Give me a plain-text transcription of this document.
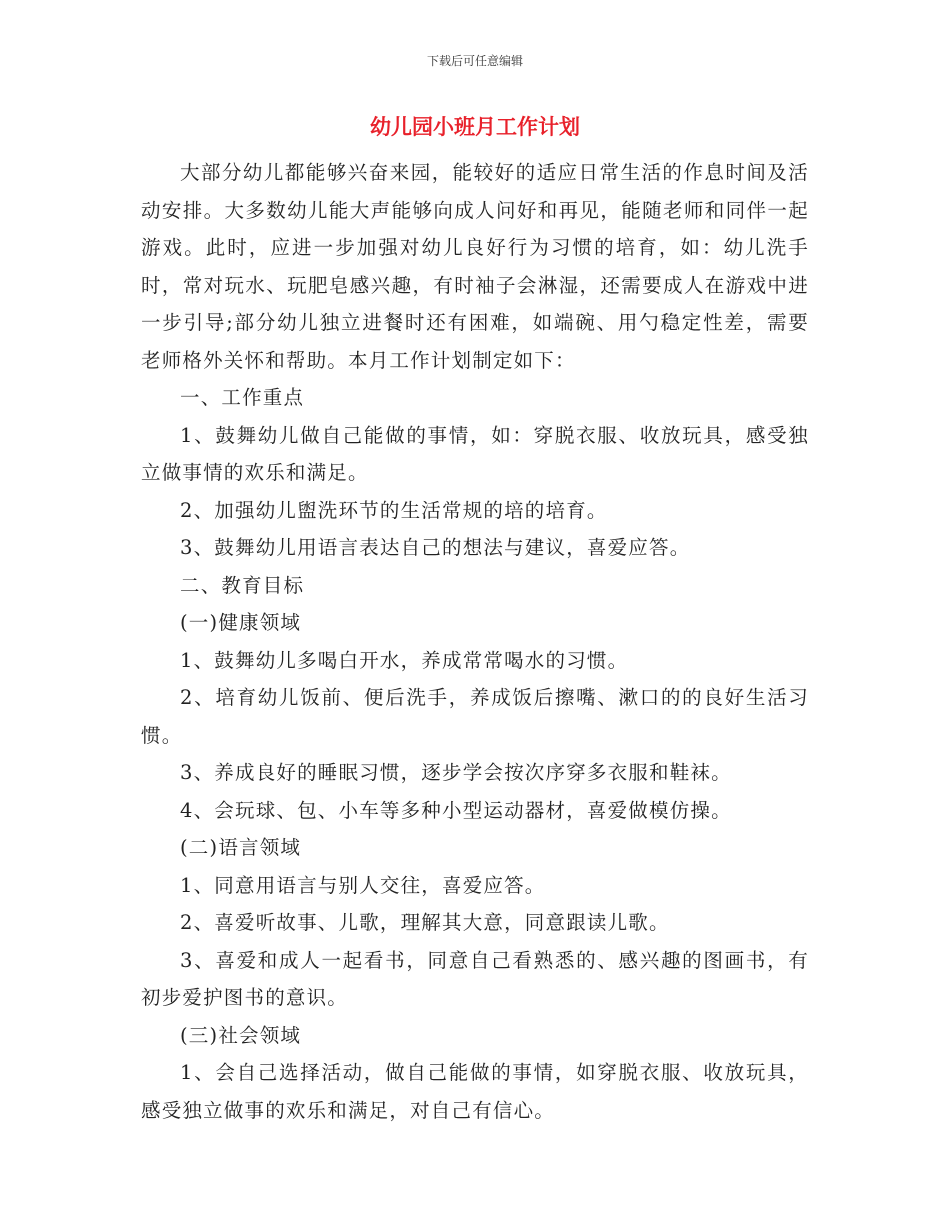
下载后可任意编辑
幼儿园小班月工作计划

大部分幼儿都能够兴奋来园，能较好的适应日常生活的作息时间及活动安排。大多数幼儿能大声能够向成人问好和再见，能随老师和同伴一起游戏。此时，应进一步加强对幼儿良好行为习惯的培育，如：幼儿洗手时，常对玩水、玩肥皂感兴趣，有时袖子会淋湿，还需要成人在游戏中进一步引导;部分幼儿独立进餐时还有困难，如端碗、用勺稳定性差，需要老师格外关怀和帮助。本月工作计划制定如下：

一、工作重点

1、鼓舞幼儿做自己能做的事情，如：穿脱衣服、收放玩具，感受独立做事情的欢乐和满足。

2、加强幼儿盥洗环节的生活常规的培的培育。

3、鼓舞幼儿用语言表达自己的想法与建议，喜爱应答。

二、教育目标

(一)健康领域

1、鼓舞幼儿多喝白开水，养成常常喝水的习惯。

2、培育幼儿饭前、便后洗手，养成饭后擦嘴、漱口的的良好生活习惯。

3、养成良好的睡眠习惯，逐步学会按次序穿多衣服和鞋袜。

4、会玩球、包、小车等多种小型运动器材，喜爱做模仿操。

(二)语言领域

1、同意用语言与别人交往，喜爱应答。

2、喜爱听故事、儿歌，理解其大意，同意跟读儿歌。

3、喜爱和成人一起看书，同意自己看熟悉的、感兴趣的图画书，有初步爱护图书的意识。

(三)社会领域

1、会自己选择活动，做自己能做的事情，如穿脱衣服、收放玩具，感受独立做事的欢乐和满足，对自己有信心。
